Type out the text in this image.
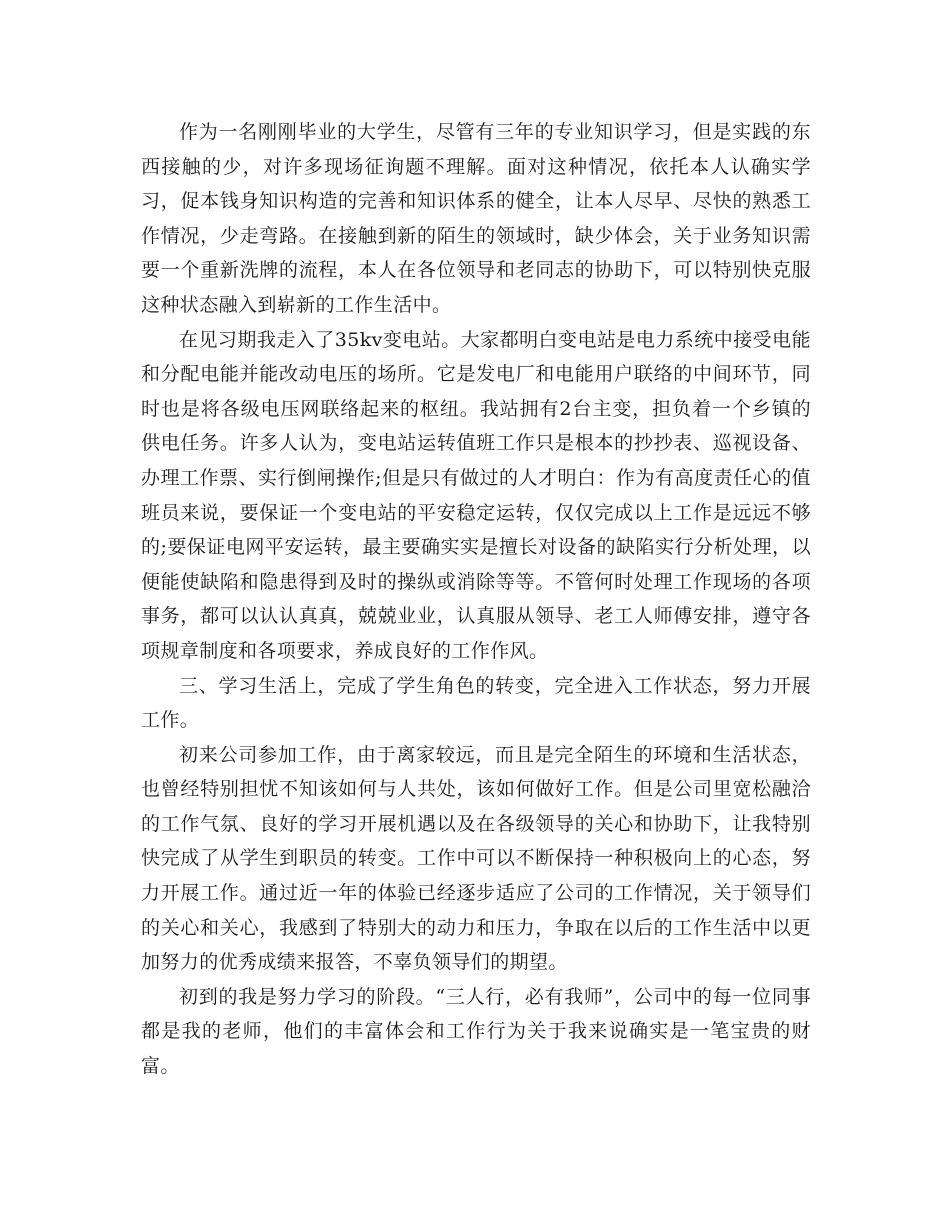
作为一名刚刚毕业的大学生，尽管有三年的专业知识学习，但是实践的东西接触的少，对许多现场征询题不理解。面对这种情况，依托本人认确实学习，促本钱身知识构造的完善和知识体系的健全，让本人尽早、尽快的熟悉工作情况，少走弯路。在接触到新的陌生的领域时，缺少体会，关于业务知识需要一个重新洗牌的流程，本人在各位领导和老同志的协助下，可以特别快克服这种状态融入到崭新的工作生活中。

在见习期我走入了35kv变电站。大家都明白变电站是电力系统中接受电能和分配电能并能改动电压的场所。它是发电厂和电能用户联络的中间环节，同时也是将各级电压网联络起来的枢纽。我站拥有2台主变，担负着一个乡镇的供电任务。许多人认为，变电站运转值班工作只是根本的抄抄表、巡视设备、办理工作票、实行倒闸操作;但是只有做过的人才明白：作为有高度责任心的值班员来说，要保证一个变电站的平安稳定运转，仅仅完成以上工作是远远不够的;要保证电网平安运转，最主要确实实是擅长对设备的缺陷实行分析处理，以便能使缺陷和隐患得到及时的操纵或消除等等。不管何时处理工作现场的各项事务，都可以认认真真，兢兢业业，认真服从领导、老工人师傅安排，遵守各项规章制度和各项要求，养成良好的工作作风。

三、学习生活上，完成了学生角色的转变，完全进入工作状态，努力开展工作。

初来公司参加工作，由于离家较远，而且是完全陌生的环境和生活状态，也曾经特别担忧不知该如何与人共处，该如何做好工作。但是公司里宽松融洽的工作气氛、良好的学习开展机遇以及在各级领导的关心和协助下，让我特别快完成了从学生到职员的转变。工作中可以不断保持一种积极向上的心态，努力开展工作。通过近一年的体验已经逐步适应了公司的工作情况，关于领导们的关心和关心，我感到了特别大的动力和压力，争取在以后的工作生活中以更加努力的优秀成绩来报答，不辜负领导们的期望。

初到的我是努力学习的阶段。“三人行，必有我师”，公司中的每一位同事都是我的老师，他们的丰富体会和工作行为关于我来说确实是一笔宝贵的财富。
